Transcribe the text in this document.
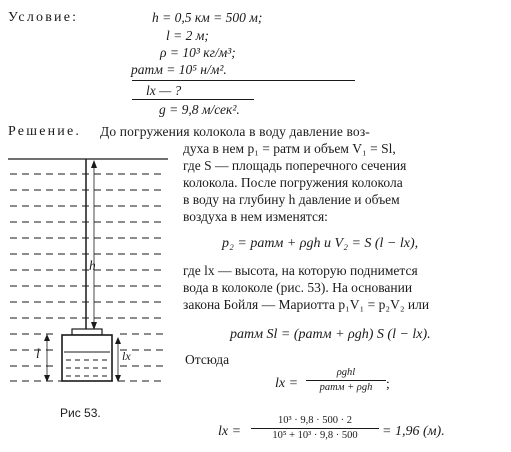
Условие:	h = 0,5 км = 500 м;
l = 2 м;
ρ = 10³ кг/м³;
pатм = 10⁵ н/м².
lx — ?
g = 9,8 м/сек².
Решение. До погружения колокола в воду давление воз-
духа в нем p₁ = pатм и объем V₁ = Sl,
где S — площадь поперечного сечения
колокола. После погружения колокола
в воду на глубину h давление и объем
воздуха в нем изменятся:
p₂ = pатм + ρgh и V₂ = S (l − lx),
где lx — высота, на которую поднимется
вода в колоколе (рис. 53). На основании
закона Бойля — Мариотта p₁V₁ = p₂V₂ или
pатм Sl = (pатм + ρgh) S (l − lx).
Отсюда
lx =
ρghl
pатм + ρgh	;
lx =
10³ · 9,8 · 500 · 2
10⁵ + 10³ · 9,8 · 500	= 1,96 (м).
h
l	lx
Рис 53.
